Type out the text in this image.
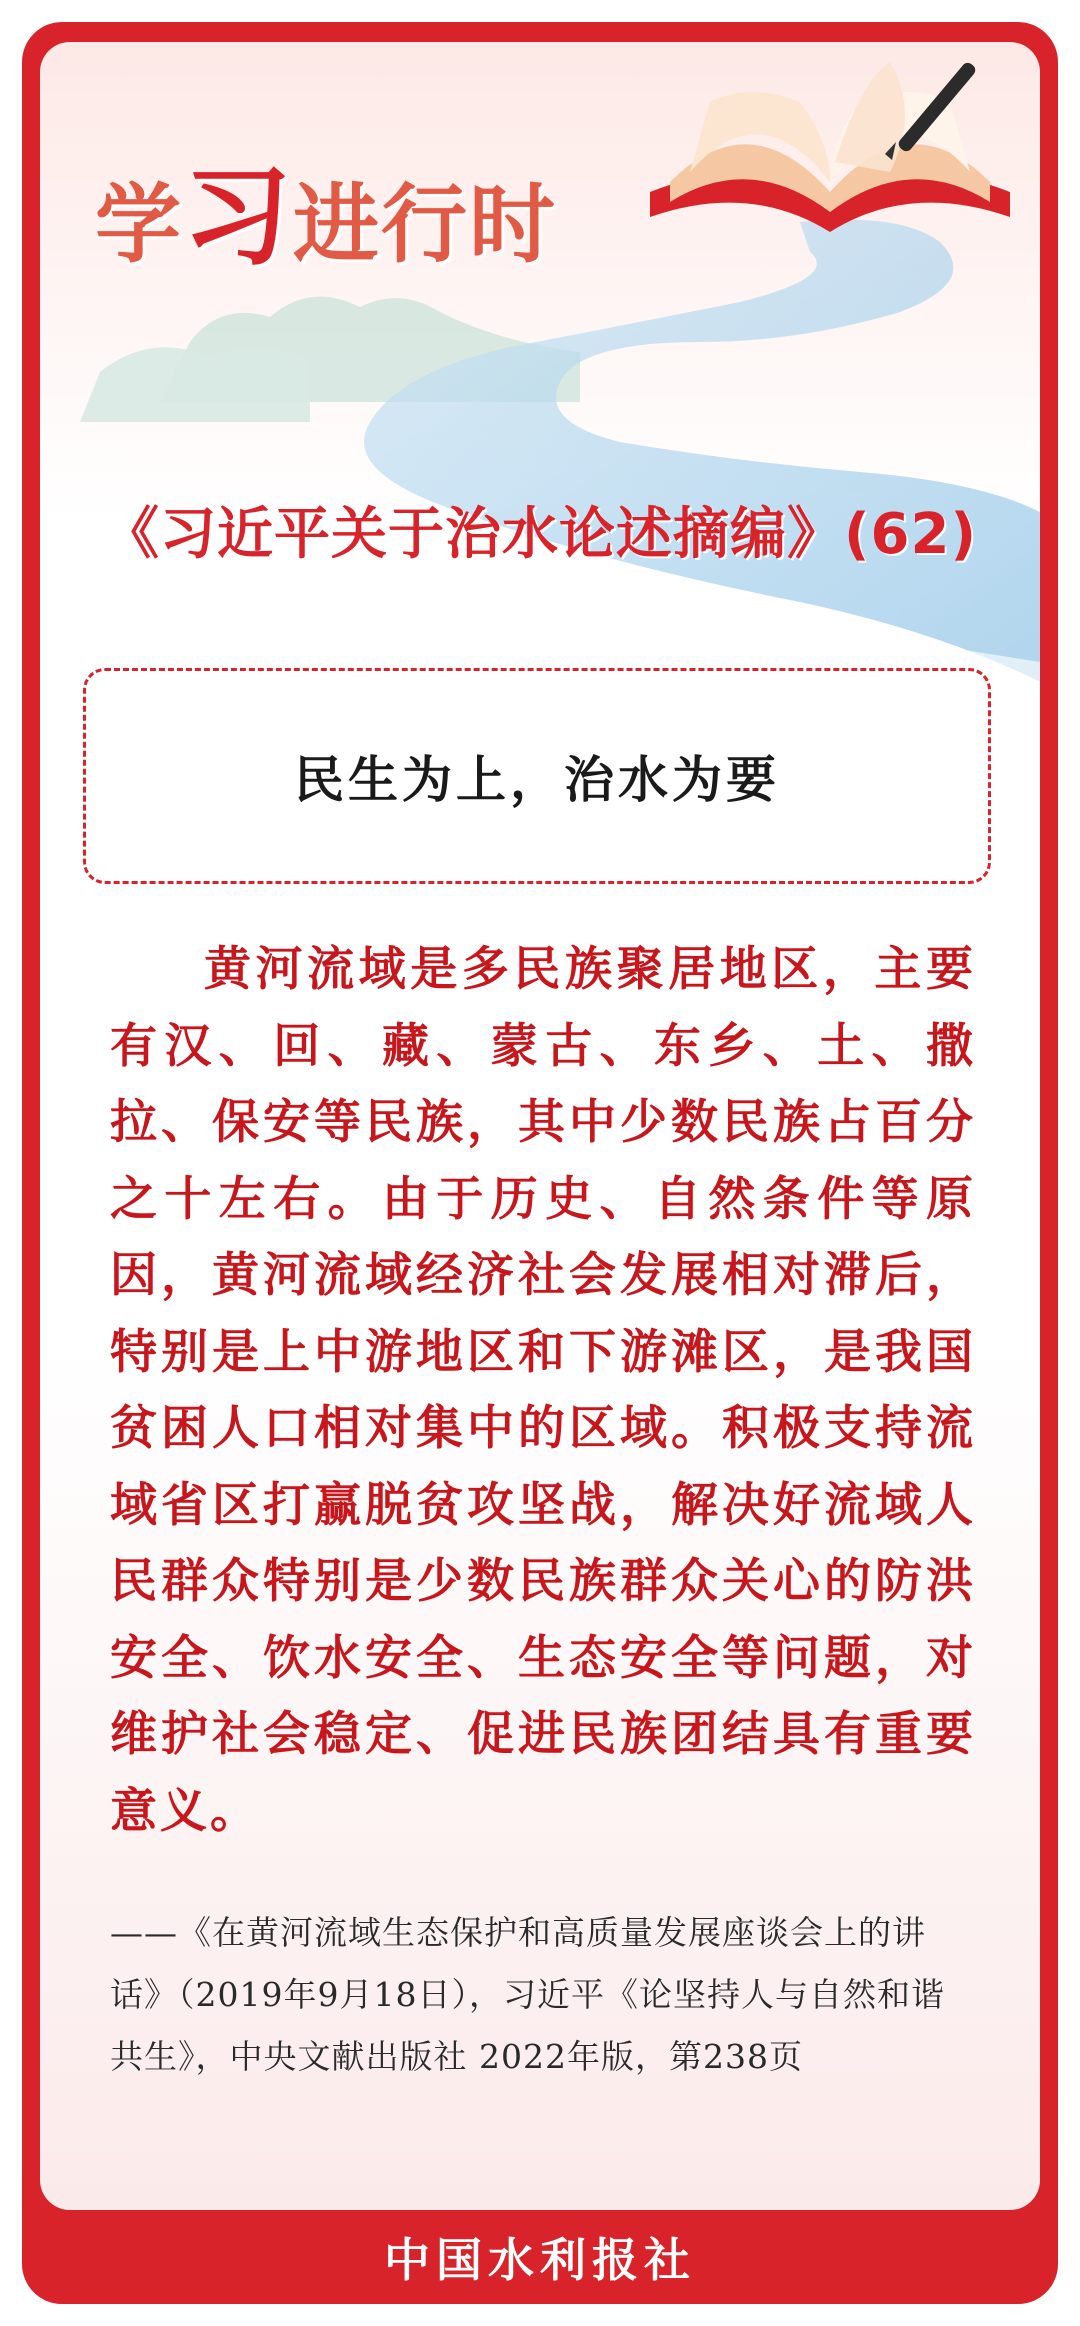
学习进行时
《习近平关于治水论述摘编》(62)
民生为上，治水为要
黄河流域是多民族聚居地区，主要有汉、回、藏、蒙古、东乡、土、撒拉、保安等民族，其中少数民族占百分之十左右。由于历史、自然条件等原因，黄河流域经济社会发展相对滞后，特别是上中游地区和下游滩区，是我国贫困人口相对集中的区域。积极支持流域省区打赢脱贫攻坚战，解决好流域人民群众特别是少数民族群众关心的防洪安全、饮水安全、生态安全等问题，对维护社会稳定、促进民族团结具有重要意义。
——《在黄河流域生态保护和高质量发展座谈会上的讲话》（2019年9月18日），习近平《论坚持人与自然和谐共生》，中央文献出版社 2022年版，第238页
中国水利报社
